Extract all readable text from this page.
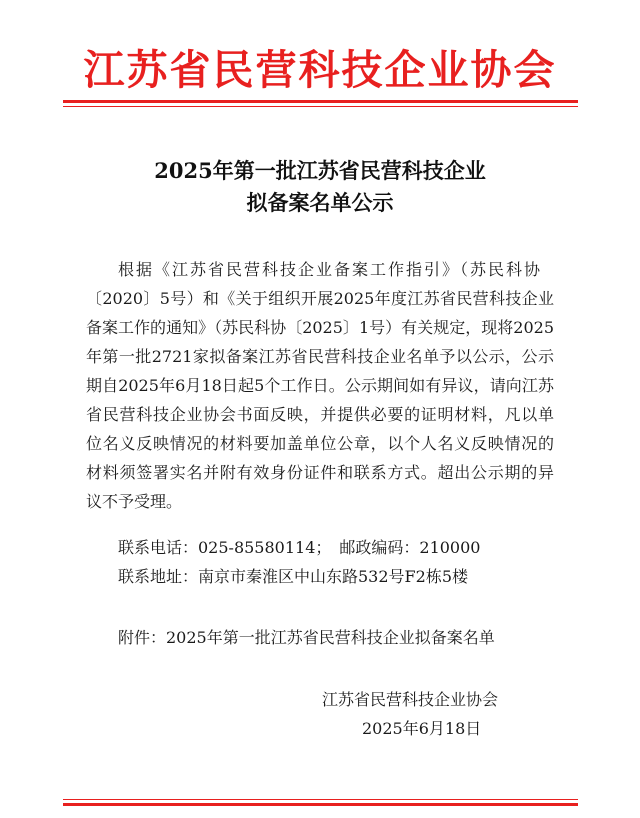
江苏省民营科技企业协会
2025年第一批江苏省民营科技企业
拟备案名单公示
根据《江苏省民营科技企业备案工作指引》（苏民科协
〔2020〕5号）和《关于组织开展2025年度江苏省民营科技企业
备案工作的通知》（苏民科协〔2025〕1号）有关规定，现将2025
年第一批2721家拟备案江苏省民营科技企业名单予以公示，公示
期自2025年6月18日起5个工作日。公示期间如有异议，请向江苏
省民营科技企业协会书面反映，并提供必要的证明材料，凡以单
位名义反映情况的材料要加盖单位公章，以个人名义反映情况的
材料须签署实名并附有效身份证件和联系方式。超出公示期的异
议不予受理。
联系电话：025-85580114；　邮政编码：210000
联系地址：南京市秦淮区中山东路532号F2栋5楼
附件：2025年第一批江苏省民营科技企业拟备案名单
江苏省民营科技企业协会
2025年6月18日
